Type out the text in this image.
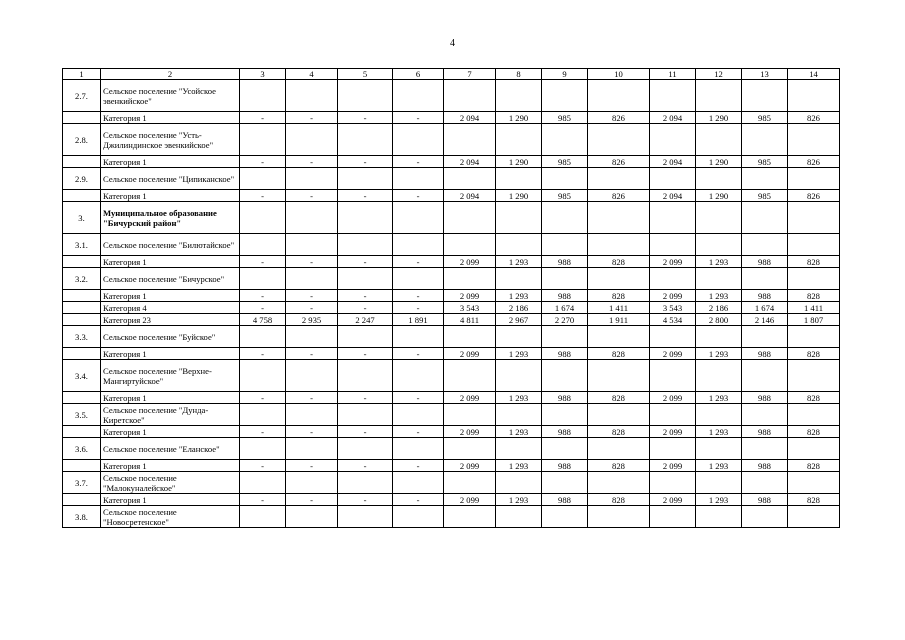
4
1	2	3	4	5	6	7	8	9	10	11	12	13	14
2.7.	Сельское поселение "Усойское эвенкийское"												
	Категория 1	-	-	-	-	2 094	1 290	985	826	2 094	1 290	985	826
2.8.	Сельское поселение "Усть-Джилиндинское эвенкийское"												
	Категория 1	-	-	-	-	2 094	1 290	985	826	2 094	1 290	985	826
2.9.	Сельское поселение "Ципиканское"												
	Категория 1	-	-	-	-	2 094	1 290	985	826	2 094	1 290	985	826
3.	Муниципальное образование "Бичурский район"												
3.1.	Сельское поселение "Билютайское"												
	Категория 1	-	-	-	-	2 099	1 293	988	828	2 099	1 293	988	828
3.2.	Сельское поселение "Бичурское"												
	Категория 1	-	-	-	-	2 099	1 293	988	828	2 099	1 293	988	828
	Категория 4	-	-	-	-	3 543	2 186	1 674	1 411	3 543	2 186	1 674	1 411
	Категория 23	4 758	2 935	2 247	1 891	4 811	2 967	2 270	1 911	4 534	2 800	2 146	1 807
3.3.	Сельское поселение "Буйское"												
	Категория 1	-	-	-	-	2 099	1 293	988	828	2 099	1 293	988	828
3.4.	Сельское поселение "Верхне-Мангиртуйское"												
	Категория 1	-	-	-	-	2 099	1 293	988	828	2 099	1 293	988	828
3.5.	Сельское поселение "Дунда-Киретское"												
	Категория 1	-	-	-	-	2 099	1 293	988	828	2 099	1 293	988	828
3.6.	Сельское поселение "Еланское"												
	Категория 1	-	-	-	-	2 099	1 293	988	828	2 099	1 293	988	828
3.7.	Сельское поселение "Малокуналейское"												
	Категория 1	-	-	-	-	2 099	1 293	988	828	2 099	1 293	988	828
3.8.	Сельское поселение "Новосретенское"												
